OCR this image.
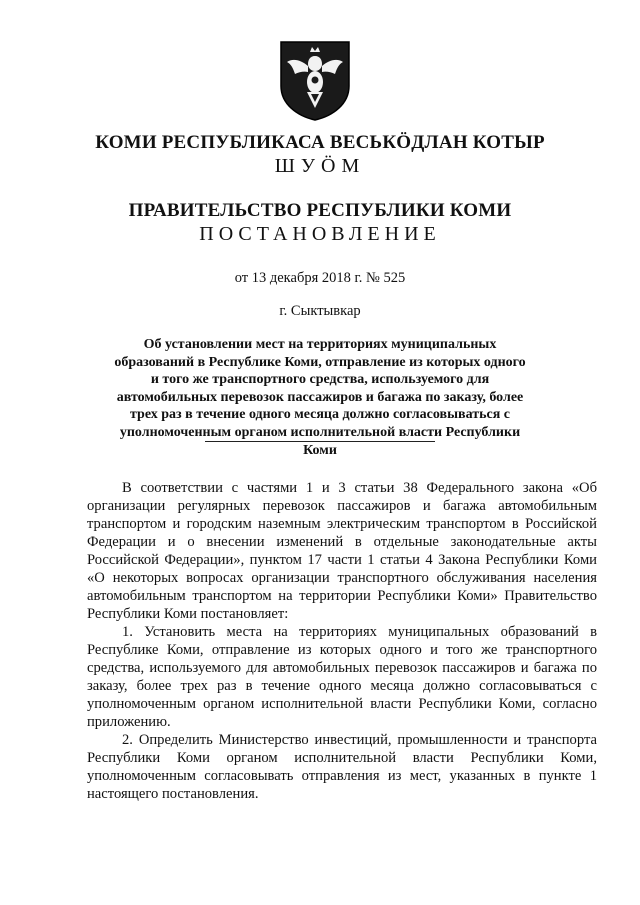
КОМИ РЕСПУБЛИКАСА ВЕСЬКӦДЛАН КОТЫР
ШУӦМ
ПРАВИТЕЛЬСТВО РЕСПУБЛИКИ КОМИ
ПОСТАНОВЛЕНИЕ
от 13 декабря 2018 г. № 525
г. Сыктывкар
Об установлении мест на территориях муниципальных образований в Республике Коми, отправление из которых одного и того же транспортного средства, используемого для автомобильных перевозок пассажиров и багажа по заказу, более трех раз в течение одного месяца должно согласовываться с уполномоченным органом исполнительной власти Республики Коми

В соответствии с частями 1 и 3 статьи 38 Федерального закона «Об организации регулярных перевозок пассажиров и багажа автомобильным транспортом и городским наземным электрическим транспортом в Российской Федерации и о внесении изменений в отдельные законодательные акты Российской Федерации», пунктом 17 части 1 статьи 4 Закона Республики Коми «О некоторых вопросах организации транспортного обслуживания населения автомобильным транспортом на территории Республики Коми» Правительство Республики Коми постановляет:

1. Установить места на территориях муниципальных образований в Республике Коми, отправление из которых одного и того же транспортного средства, используемого для автомобильных перевозок пассажиров и багажа по заказу, более трех раз в течение одного месяца должно согласовываться с уполномоченным органом исполнительной власти Республики Коми, согласно приложению.

2. Определить Министерство инвестиций, промышленности и транспорта Республики Коми органом исполнительной власти Республики Коми, уполномоченным согласовывать отправления из мест, указанных в пункте 1 настоящего постановления.
